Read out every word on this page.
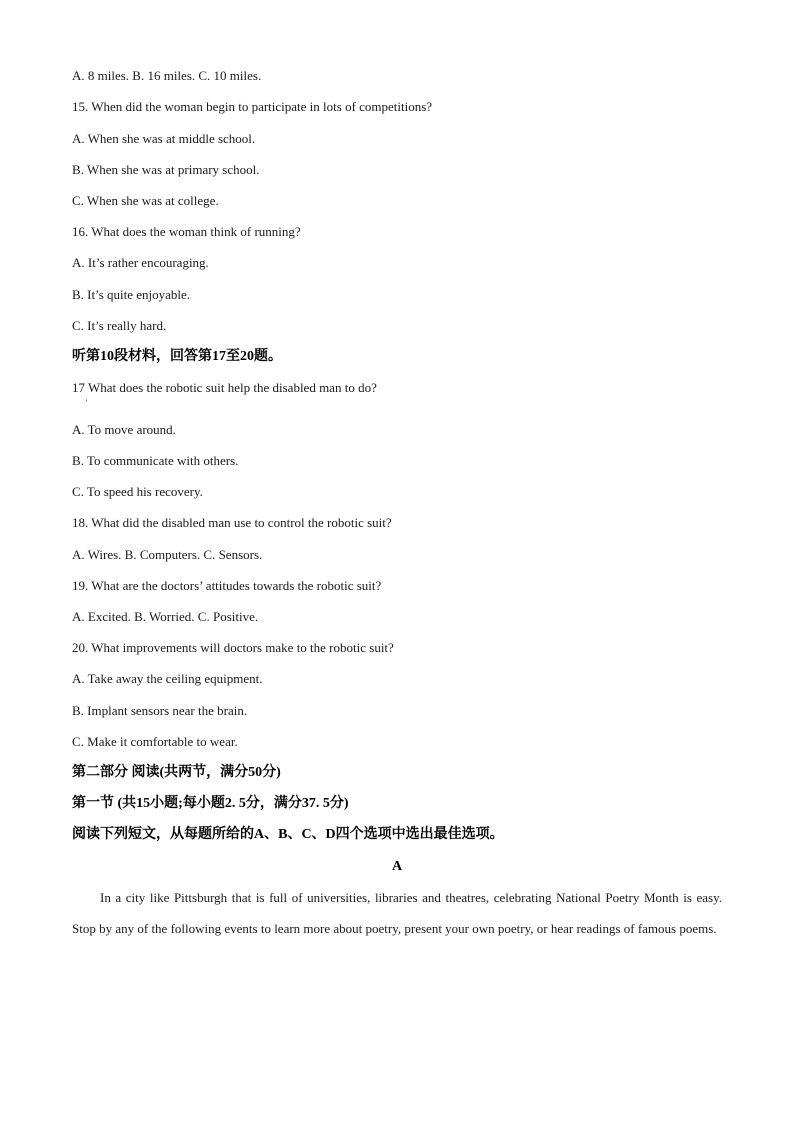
A. 8 miles. B. 16 miles. C. 10 miles.
15. When did the woman begin to participate in lots of competitions?
A. When she was at middle school.
B. When she was at primary school.
C. When she was at college.
16. What does the woman think of running?
A. It’s rather encouraging.
B. It’s quite enjoyable.
C. It’s really hard.
听第10段材料，回答第17至20题。
17 What does the robotic suit help the disabled man to do?
'
A. To move around.
B. To communicate with others.
C. To speed his recovery.
18. What did the disabled man use to control the robotic suit?
A. Wires. B. Computers. C. Sensors.
19. What are the doctors’ attitudes towards the robotic suit?
A. Excited. B. Worried. C. Positive.
20. What improvements will doctors make to the robotic suit?
A. Take away the ceiling equipment.
B. Implant sensors near the brain.
C. Make it comfortable to wear.
第二部分 阅读(共两节，满分50分)
第一节 (共15小题;每小题2. 5分，满分37. 5分)
阅读下列短文，从每题所给的A、B、C、D四个选项中选出最佳选项。
A
In a city like Pittsburgh that is full of universities, libraries and theatres, celebrating National Poetry Month is easy. Stop by any of the following events to learn more about poetry, present your own poetry, or hear readings of famous poems.
